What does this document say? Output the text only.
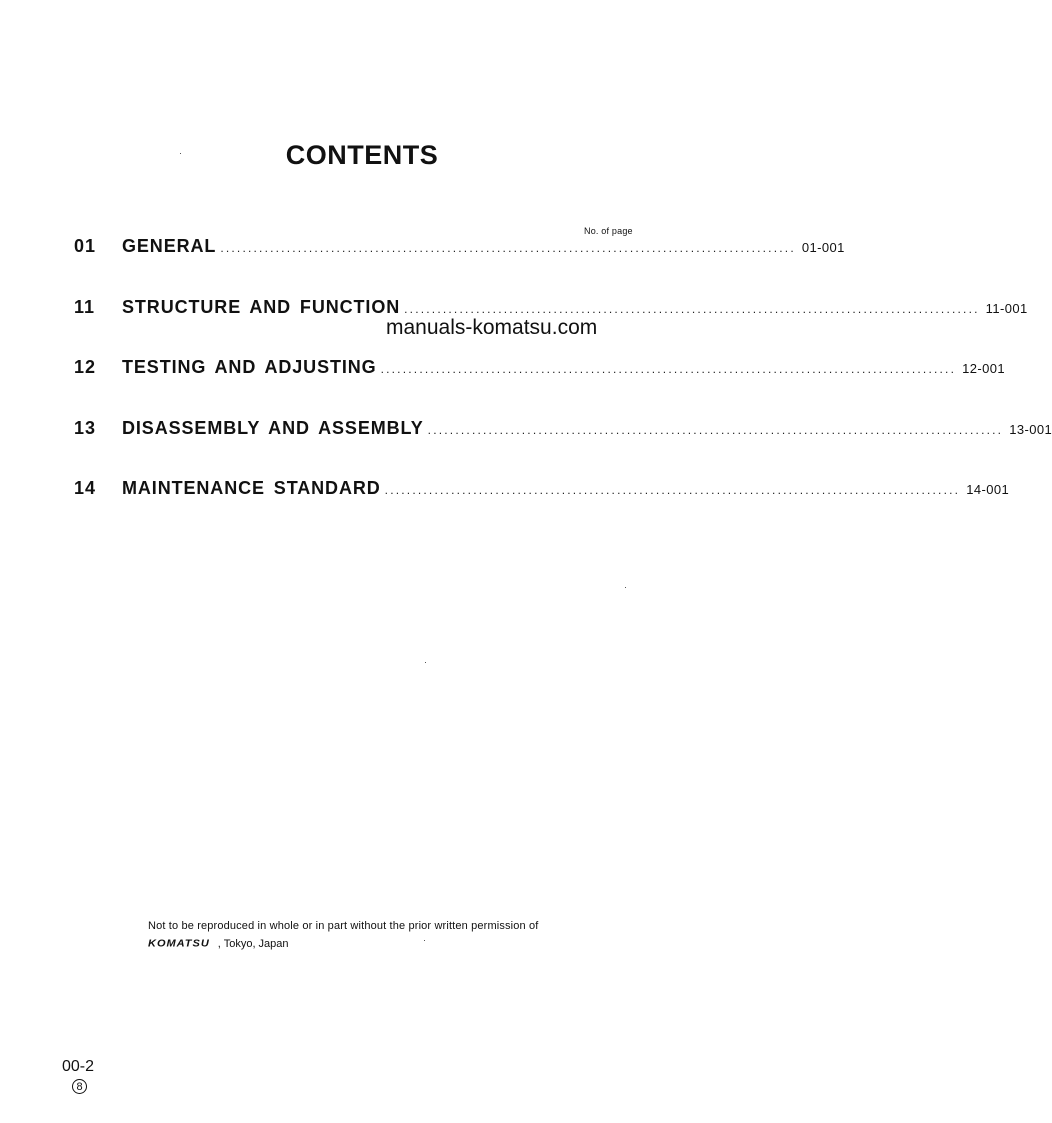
CONTENTS
No. of page
01	GENERAL ........................................................................................................ 01-001
11	STRUCTURE AND FUNCTION ........................................................................................................ 11-001
manuals-komatsu.com
12	TESTING AND ADJUSTING ........................................................................................................ 12-001
13	DISASSEMBLY AND ASSEMBLY ........................................................................................................ 13-001
14	MAINTENANCE STANDARD ........................................................................................................ 14-001
Not to be reproduced in whole or in part without the prior written permission of
KOMATSU , Tokyo, Japan
00-2
8
